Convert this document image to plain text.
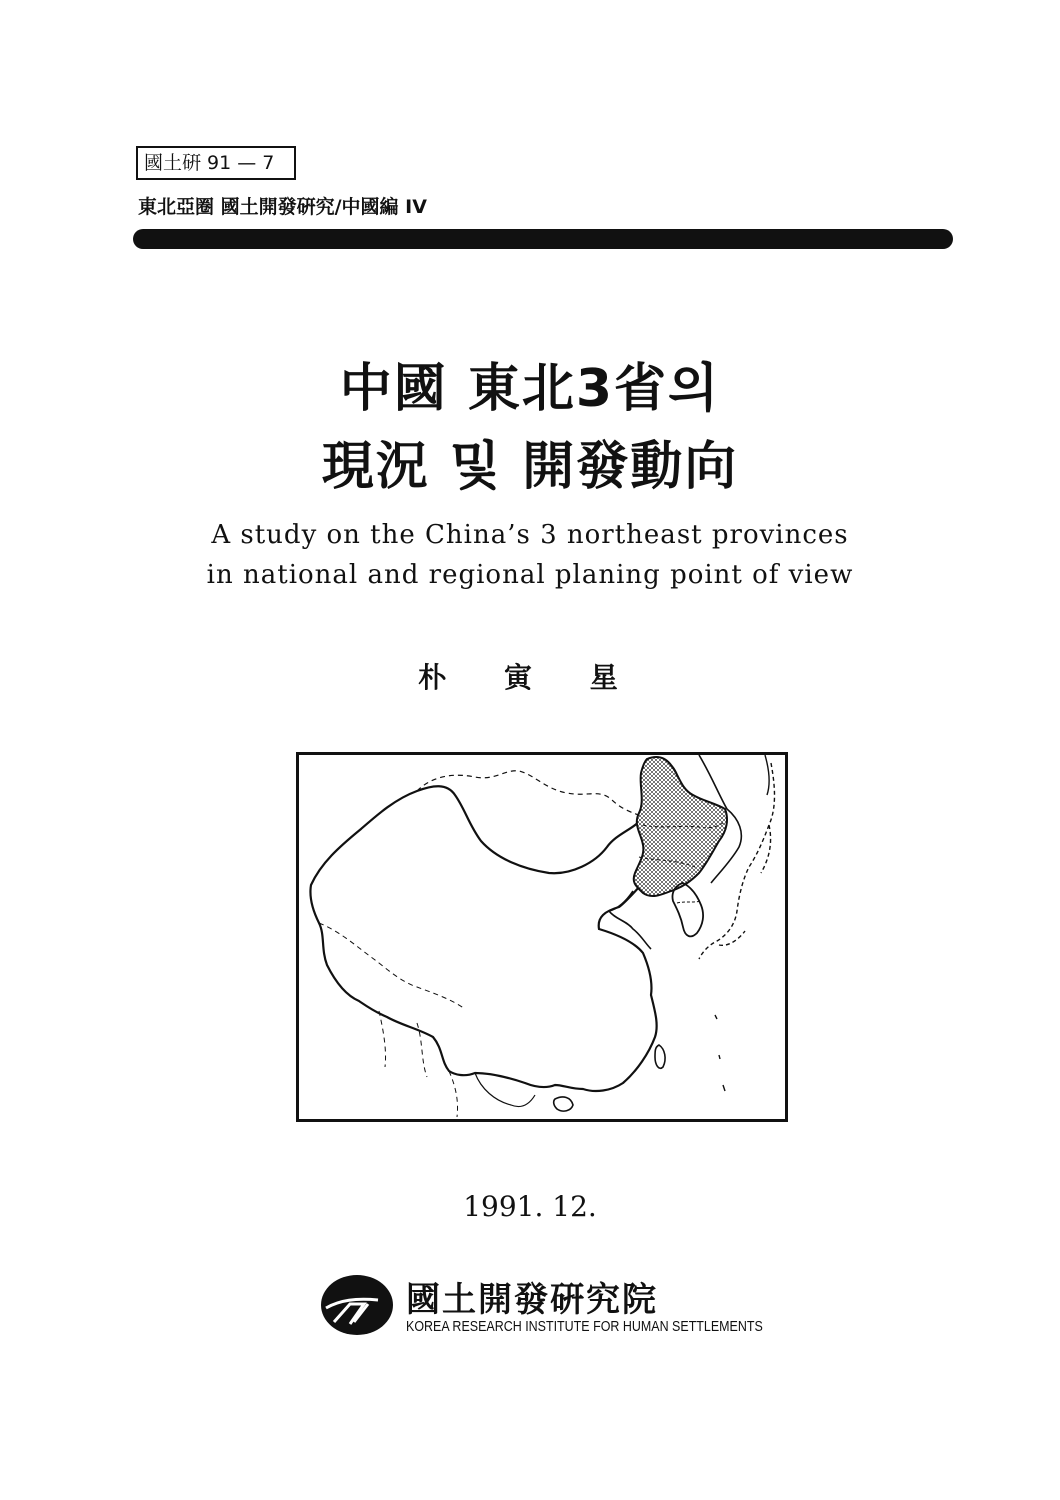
國土硏 91 — 7
東北亞圈 國土開發硏究/中國編 IV
中國 東北3省의
現況 및 開發動向
A study on the China’s 3 northeast provinces
in national and regional planing point of view
朴 寅 星
1991. 12.
國土開發硏究院
KOREA RESEARCH INSTITUTE FOR HUMAN SETTLEMENTS
